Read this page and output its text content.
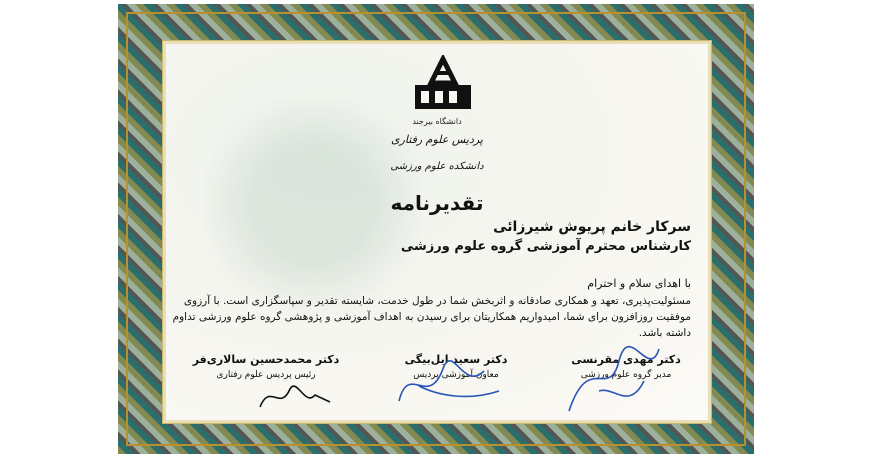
دانشگاه بیرجند
پردیس علوم رفتاری
دانشکده علوم ورزشی
تقدیرنامه
سرکار خانم پریوش شیرزائی
کارشناس محترم آموزشی گروه علوم ورزشی
با اهدای سلام و احترام
مسئولیت‌پذیری، تعهد و همکاری صادقانه و اثربخش شما در طول خدمت، شایسته تقدیر و سپاسگزاری است. با آرزوی موفقیت روزافزون برای شما، امیدواریم همکاریتان برای رسیدن به اهداف آموزشی و پژوهشی گروه علوم ورزشی تداوم داشته باشد.
دکتر مهدی مقرنسی
مدیر گروه علوم ورزشی
دکتر سعید ایل‌بیگی
معاون آموزشی پردیس
دکتر محمدحسین سالاری‌فر
رئیس پردیس علوم رفتاری
